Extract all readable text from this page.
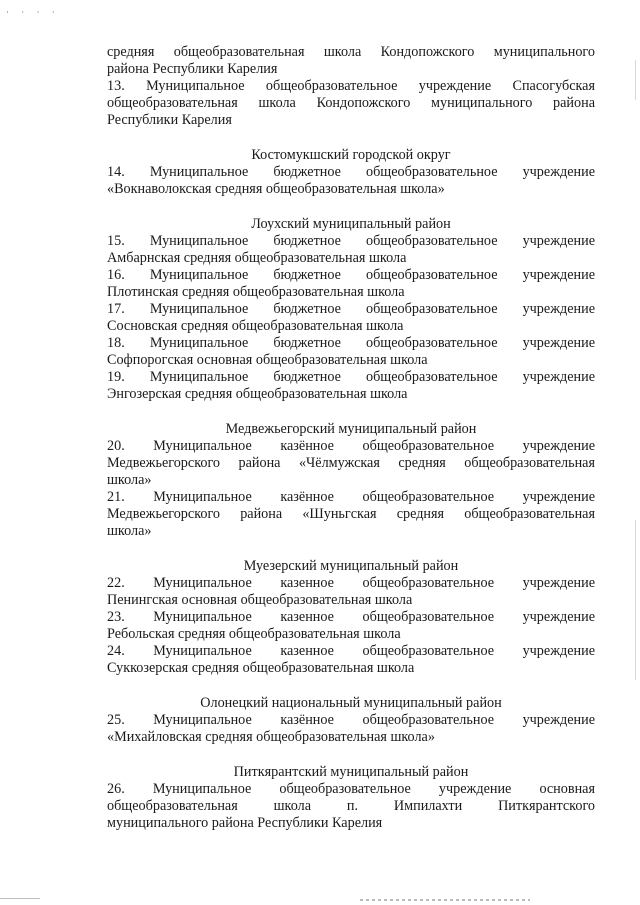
· · · ·
средняя общеобразовательная школа Кондопожского муниципального
района Республики Карелия
13. Муниципальное общеобразовательное учреждение Спасогубская
общеобразовательная школа Кондопожского муниципального района
Республики Карелия
Костомукшский городской округ
14. Муниципальное бюджетное общеобразовательное учреждение
«Вокнаволокская средняя общеобразовательная школа»
Лоухский муниципальный район
15. Муниципальное бюджетное общеобразовательное учреждение
Амбарнская средняя общеобразовательная школа
16. Муниципальное бюджетное общеобразовательное учреждение
Плотинская средняя общеобразовательная школа
17. Муниципальное бюджетное общеобразовательное учреждение
Сосновская средняя общеобразовательная школа
18. Муниципальное бюджетное общеобразовательное учреждение
Софпорогская основная общеобразовательная школа
19. Муниципальное бюджетное общеобразовательное учреждение
Энгозерская средняя общеобразовательная школа
Медвежьегорский муниципальный район
20. Муниципальное казённое общеобразовательное учреждение
Медвежьегорского района «Чёлмужская средняя общеобразовательная
школа»
21. Муниципальное казённое общеобразовательное учреждение
Медвежьегорского района «Шуньгская средняя общеобразовательная
школа»
Муезерский муниципальный район
22. Муниципальное казенное общеобразовательное учреждение
Пенингская основная общеобразовательная школа
23. Муниципальное казенное общеобразовательное учреждение
Ребольская средняя общеобразовательная школа
24. Муниципальное казенное общеобразовательное учреждение
Суккозерская средняя общеобразовательная школа
Олонецкий национальный муниципальный район
25. Муниципальное казённое общеобразовательное учреждение
«Михайловская средняя общеобразовательная школа»
Питкярантский муниципальный район
26. Муниципальное общеобразовательное учреждение основная
общеобразовательная школа п. Импилахти Питкярантского
муниципального района Республики Карелия
